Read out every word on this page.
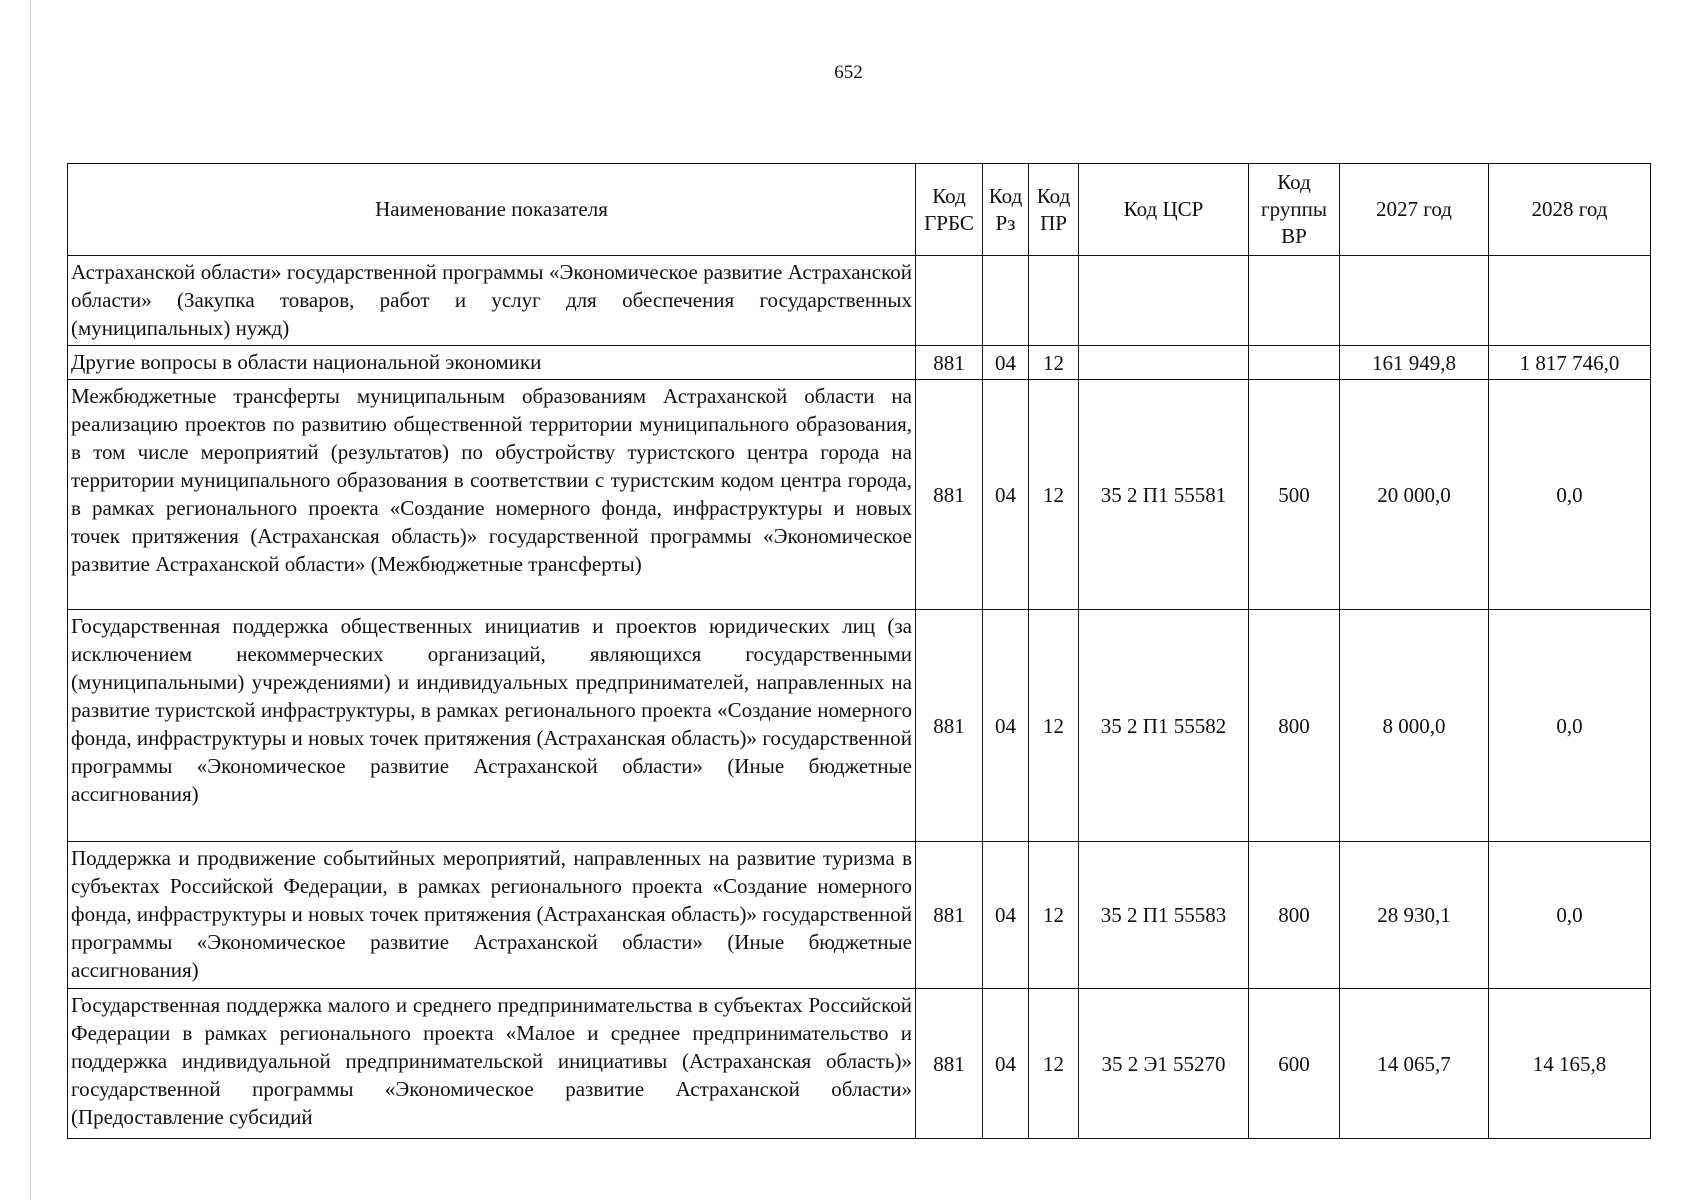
652
Наименование показателя	Код ГРБС	Код Рз	Код ПР	Код ЦСР	Код группы ВР	2027 год	2028 год
Астраханской области» государственной программы «Экономическое развитие Астраханской области» (Закупка товаров, работ и услуг для обеспечения государственных (муниципальных) нужд)							
Другие вопросы в области национальной экономики	881	04	12			161 949,8	1 817 746,0
Межбюджетные трансферты муниципальным образованиям Астраханской области на реализацию проектов по развитию общественной территории муниципального образования, в том числе мероприятий (результатов) по обустройству туристского центра города на территории муниципального образования в соответствии с туристским кодом центра города, в рамках регионального проекта «Создание номерного фонда, инфраструктуры и новых точек притяжения (Астраханская область)» государственной программы «Экономическое развитие Астраханской области» (Межбюджетные трансферты)	881	04	12	35 2 П1 55581	500	20 000,0	0,0
Государственная поддержка общественных инициатив и проектов юридических лиц (за исключением некоммерческих организаций, являющихся государственными (муниципальными) учреждениями) и индивидуальных предпринимателей, направленных на развитие туристской инфраструктуры, в рамках регионального проекта «Создание номерного фонда, инфраструктуры и новых точек притяжения (Астраханская область)» государственной программы «Экономическое развитие Астраханской области» (Иные бюджетные ассигнования)	881	04	12	35 2 П1 55582	800	8 000,0	0,0
Поддержка и продвижение событийных мероприятий, направленных на развитие туризма в субъектах Российской Федерации, в рамках регионального проекта «Создание номерного фонда, инфраструктуры и новых точек притяжения (Астраханская область)» государственной программы «Экономическое развитие Астраханской области» (Иные бюджетные ассигнования)	881	04	12	35 2 П1 55583	800	28 930,1	0,0
Государственная поддержка малого и среднего предпринимательства в субъектах Российской Федерации в рамках регионального проекта «Малое и среднее предпринимательство и поддержка индивидуальной предпринимательской инициативы (Астраханская область)» государственной программы «Экономическое развитие Астраханской области» (Предоставление субсидий	881	04	12	35 2 Э1 55270	600	14 065,7	14 165,8
